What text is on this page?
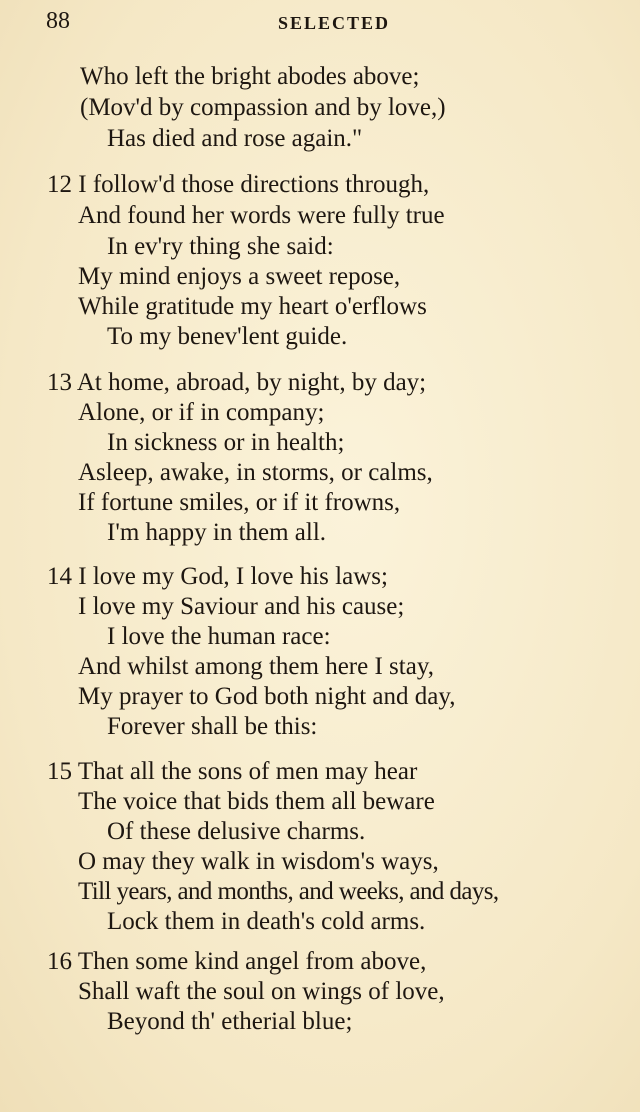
88	SELECTED
Who left the bright abodes above;
(Mov'd by compassion and by love,)
Has died and rose again."
12 I follow'd those directions through,
And found her words were fully true
In ev'ry thing she said:
My mind enjoys a sweet repose,
While gratitude my heart o'erflows
To my benev'lent guide.
13 At home, abroad, by night, by day;
Alone, or if in company;
In sickness or in health;
Asleep, awake, in storms, or calms,
If fortune smiles, or if it frowns,
I'm happy in them all.
14 I love my God, I love his laws;
I love my Saviour and his cause;
I love the human race:
And whilst among them here I stay,
My prayer to God both night and day,
Forever shall be this:
15 That all the sons of men may hear
The voice that bids them all beware
Of these delusive charms.
O may they walk in wisdom's ways,
Till years, and months, and weeks, and days,
Lock them in death's cold arms.
16 Then some kind angel from above,
Shall waft the soul on wings of love,
Beyond th' etherial blue;
